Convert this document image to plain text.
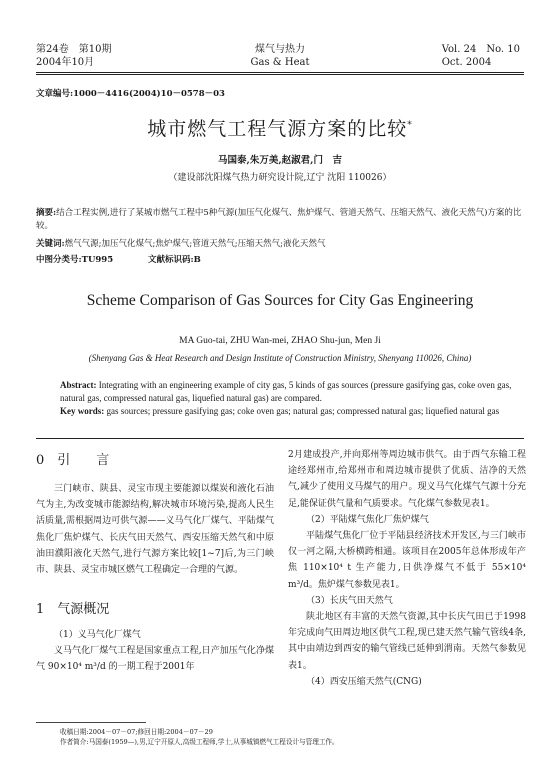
第24卷　第10期
2004年10月
煤气与热力
Gas & Heat
Vol. 24　No. 10
Oct. 2004
文章编号:1000－4416(2004)10－0578－03
城市燃气工程气源方案的比较*
马国泰,朱万美,赵淑君,门　吉
（建设部沈阳煤气热力研究设计院,辽宁 沈阳 110026）
摘要:结合工程实例,进行了某城市燃气工程中5种气源(加压气化煤气、焦炉煤气、管道天然气、压缩天然气、液化天然气)方案的比较。
关键词:燃气气源;加压气化煤气;焦炉煤气;管道天然气;压缩天然气;液化天然气
中图分类号:TU995	文献标识码:B
Scheme Comparison of Gas Sources for City Gas Engineering
MA Guo-tai, ZHU Wan-mei, ZHAO Shu-jun, Men Ji
(Shenyang Gas & Heat Research and Design Institute of Construction Ministry, Shenyang 110026, China)
Abstract: Integrating with an engineering example of city gas, 5 kinds of gas sources (pressure gasifying gas, coke oven gas, natural gas, compressed natural gas, liquefied natural gas) are compared.
Key words: gas sources; pressure gasifying gas; coke oven gas; natural gas; compressed natural gas; liquefied natural gas
0　引　　言

三门峡市、陕县、灵宝市现主要能源以煤炭和液化石油气为主,为改变城市能源结构,解决城市环境污染,提高人民生活质量,需根据周边可供气源——义马气化厂煤气、平陆煤气焦化厂焦炉煤气、长庆气田天然气、西安压缩天然气和中原油田濮阳液化天然气,进行气源方案比较[1~7]后,为三门峡市、陕县、灵宝市城区燃气工程确定一合理的气源。

1　气源概况

（1）义马气化厂煤气

义马气化厂煤气工程是国家重点工程,日产加压气化净煤气 90×10⁴ m³/d 的一期工程于2001年

2月建成投产,并向郑州等周边城市供气。由于西气东输工程途经郑州市,给郑州市和周边城市提供了优质、洁净的天然气,减少了使用义马煤气的用户。现义马气化煤气气源十分充足,能保证供气量和气质要求。气化煤气参数见表1。

（2）平陆煤气焦化厂焦炉煤气

平陆煤气焦化厂位于平陆县经济技术开发区,与三门峡市仅一河之隔,大桥横跨相通。该项目在2005年总体形成年产焦 110×10⁴ t 生产能力,日供净煤气不低于 55×10⁴ m³/d。焦炉煤气参数见表1。

（3）长庆气田天然气

陕北地区有丰富的天然气资源,其中长庆气田已于1998年完成向气田周边地区供气工程,现已建天然气输气管线4条,其中由靖边到西安的输气管线已延伸到渭南。天然气参数见表1。

（4）西安压缩天然气(CNG)

收稿日期:2004－07－07;修回日期:2004－07－29
作者简介:马国泰(1959—),男,辽宁开原人,高级工程师,学士,从事城镇燃气工程设计与管理工作。
